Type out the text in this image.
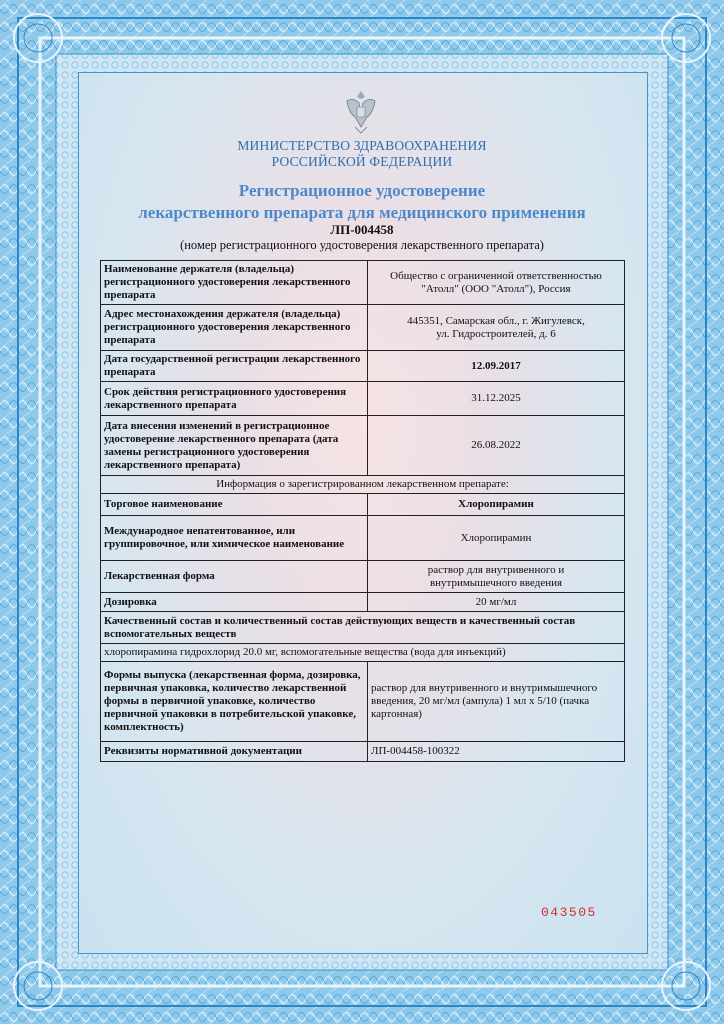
МИНИСТЕРСТВО ЗДРАВООХРАНЕНИЯ
РОССИЙСКОЙ ФЕДЕРАЦИИ
Регистрационное удостоверение
лекарственного препарата для медицинского применения
ЛП-004458
(номер регистрационного удостоверения лекарственного препарата)
Наименование держателя (владельца) регистрационного удостоверения лекарственного препарата	Общество с ограниченной ответственностью "Атолл" (ООО "Атолл"), Россия
Адрес местонахождения держателя (владельца) регистрационного удостоверения лекарственного препарата	445351, Самарская обл., г. Жигулевск,
ул. Гидростроителей, д. 6
Дата государственной регистрации лекарственного препарата	12.09.2017
Срок действия регистрационного удостоверения лекарственного препарата	31.12.2025
Дата внесения изменений в регистрационное удостоверение лекарственного препарата (дата замены регистрационного удостоверения лекарственного препарата)	26.08.2022
Информация о зарегистрированном лекарственном препарате:	
Торговое наименование	Хлоропирамин
Международное непатентованное, или группировочное, или химическое наименование	Хлоропирамин
Лекарственная форма	раствор для внутривенного и
внутримышечного введения
Дозировка	20 мг/мл
Качественный состав и количественный состав действующих веществ и качественный состав вспомогательных веществ	
хлоропирамина гидрохлорид 20.0 мг, вспомогательные вещества (вода для инъекций)	
Формы выпуска (лекарственная форма, дозировка, первичная упаковка, количество лекарственной формы в первичной упаковке, количество первичной упаковки в потребительской упаковке, комплектность)	раствор для внутривенного и внутримышечного введения, 20 мг/мл (ампула) 1 мл х 5/10 (пачка картонная)
Реквизиты нормативной документации	ЛП-004458-100322
043505
